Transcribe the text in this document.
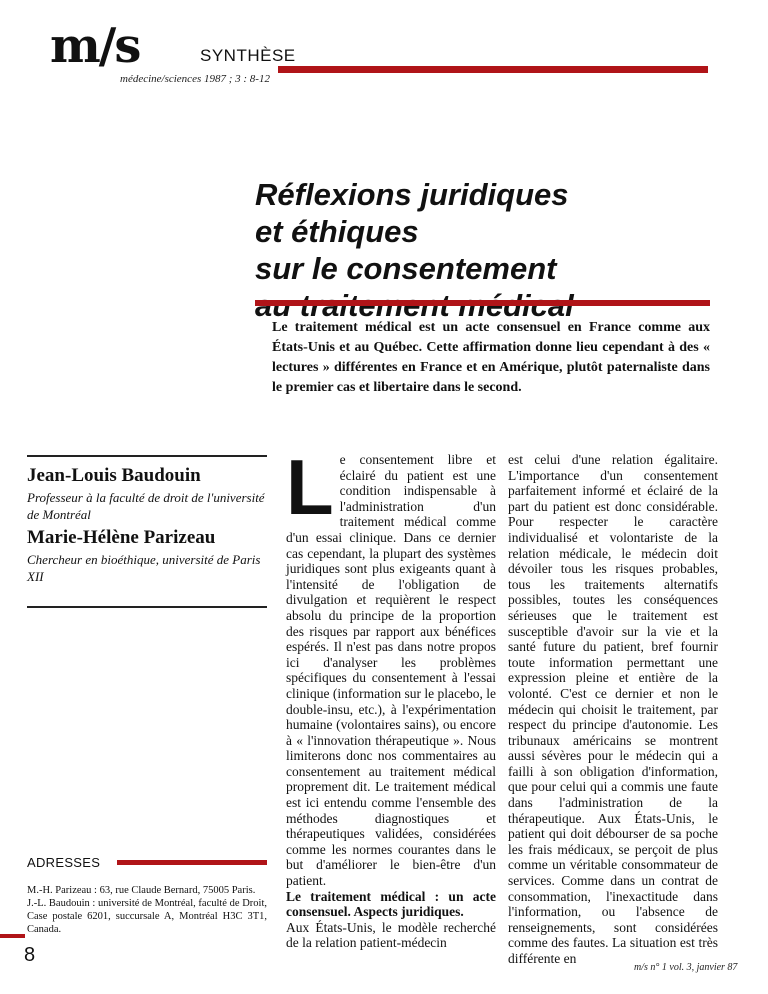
m/s	SYNTHÈSE
médecine/sciences 1987 ; 3 : 8-12
Réflexions juridiques
et éthiques
sur le consentement

Le traitement médical est un acte consensuel en France comme aux États-Unis et au Québec. Cette affirmation donne lieu cependant à des « lectures » différentes en France et en Amérique, plutôt paternaliste dans le premier cas et libertaire dans le second.

Jean-Louis Baudouin

Professeur à la faculté de droit de l'université de Montréal

Marie-Hélène Parizeau

Chercheur en bioéthique, université de Paris XII

ADRESSES

M.-H. Parizeau : 63, rue Claude Bernard, 75005 Paris.
J.-L. Baudouin : université de Montréal, faculté de Droit, Case postale 6201, succursale A, Montréal H3C 3T1, Canada.

8
L e consentement libre et éclairé du patient est une condition indispensable à l'administration d'un traitement médical comme d'un essai clinique. Dans ce dernier cas cependant, la plupart des systèmes juridiques sont plus exigeants quant à l'intensité de l'obligation de divulgation et requièrent le respect absolu du principe de la proportion des risques par rapport aux bénéfices espérés. Il n'est pas dans notre propos ici d'analyser les problèmes spécifiques du consentement à l'essai clinique (information sur le placebo, le double-insu, etc.), à l'expérimentation humaine (volontaires sains), ou encore à « l'innovation thérapeutique ». Nous limiterons donc nos commentaires au consentement au traitement médical proprement dit. Le traitement médical est ici entendu comme l'ensemble des méthodes diagnostiques et thérapeutiques validées, considérées comme les normes courantes dans le but d'améliorer le bien-être d'un patient.
Le traitement médical : un acte consensuel. Aspects juridiques.
Aux États-Unis, le modèle recherché de la relation patient-médecin
est celui d'une relation égalitaire. L'importance d'un consentement parfaitement informé et éclairé de la part du patient est donc considérable. Pour respecter le caractère individualisé et volontariste de la relation médicale, le médecin doit dévoiler tous les risques probables, tous les traitements alternatifs possibles, toutes les conséquences sérieuses que le traitement est susceptible d'avoir sur la vie et la santé future du patient, bref fournir toute information permettant une expression pleine et entière de la volonté. C'est ce dernier et non le médecin qui choisit le traitement, par respect du principe d'autonomie. Les tribunaux américains se montrent aussi sévères pour le médecin qui a failli à son obligation d'information, que pour celui qui a commis une faute dans l'administration de la thérapeutique. Aux États-Unis, le patient qui doit débourser de sa poche les frais médicaux, se perçoit de plus comme un véritable consommateur de services. Comme dans un contrat de consommation, l'inexactitude dans l'information, ou l'absence de renseignements, sont considérées comme des fautes. La situation est très différente en
m/s n° 1 vol. 3, janvier 87
